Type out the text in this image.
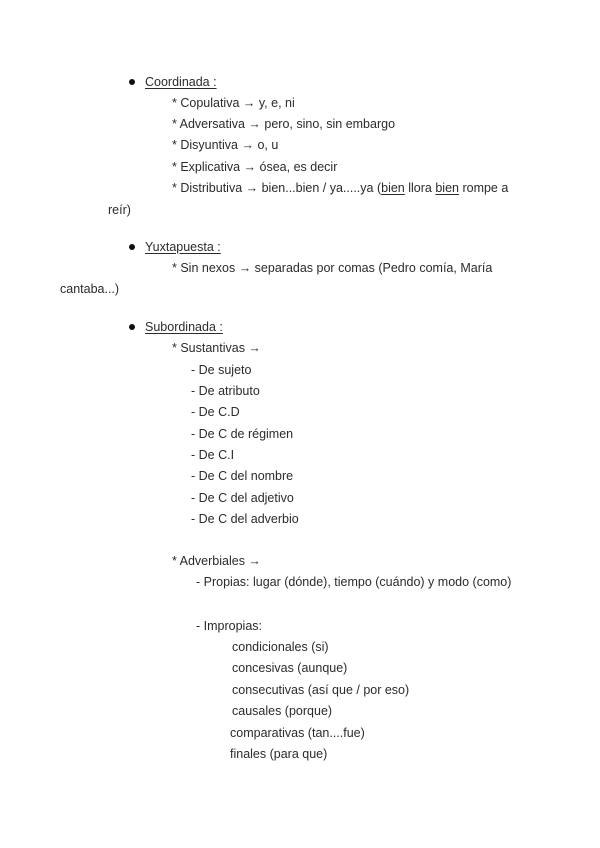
Coordinada :
* Copulativa → y, e, ni
* Adversativa → pero, sino, sin embargo
* Disyuntiva → o, u
* Explicativa → ósea, es decir
* Distributiva → bien...bien / ya.....ya (bien llora bien rompe a
reír)
Yuxtapuesta :
* Sin nexos → separadas por comas (Pedro comía, María
cantaba...)
Subordinada :
* Sustantivas →
- De sujeto
- De atributo
- De C.D
- De C de régimen
- De C.I
- De C del nombre
- De C del adjetivo
- De C del adverbio
* Adverbiales →
- Propias: lugar (dónde), tiempo (cuándo) y modo (como)
- Impropias:
condicionales (si)
concesivas (aunque)
consecutivas (así que / por eso)
causales (porque)
comparativas (tan....fue)
finales (para que)
